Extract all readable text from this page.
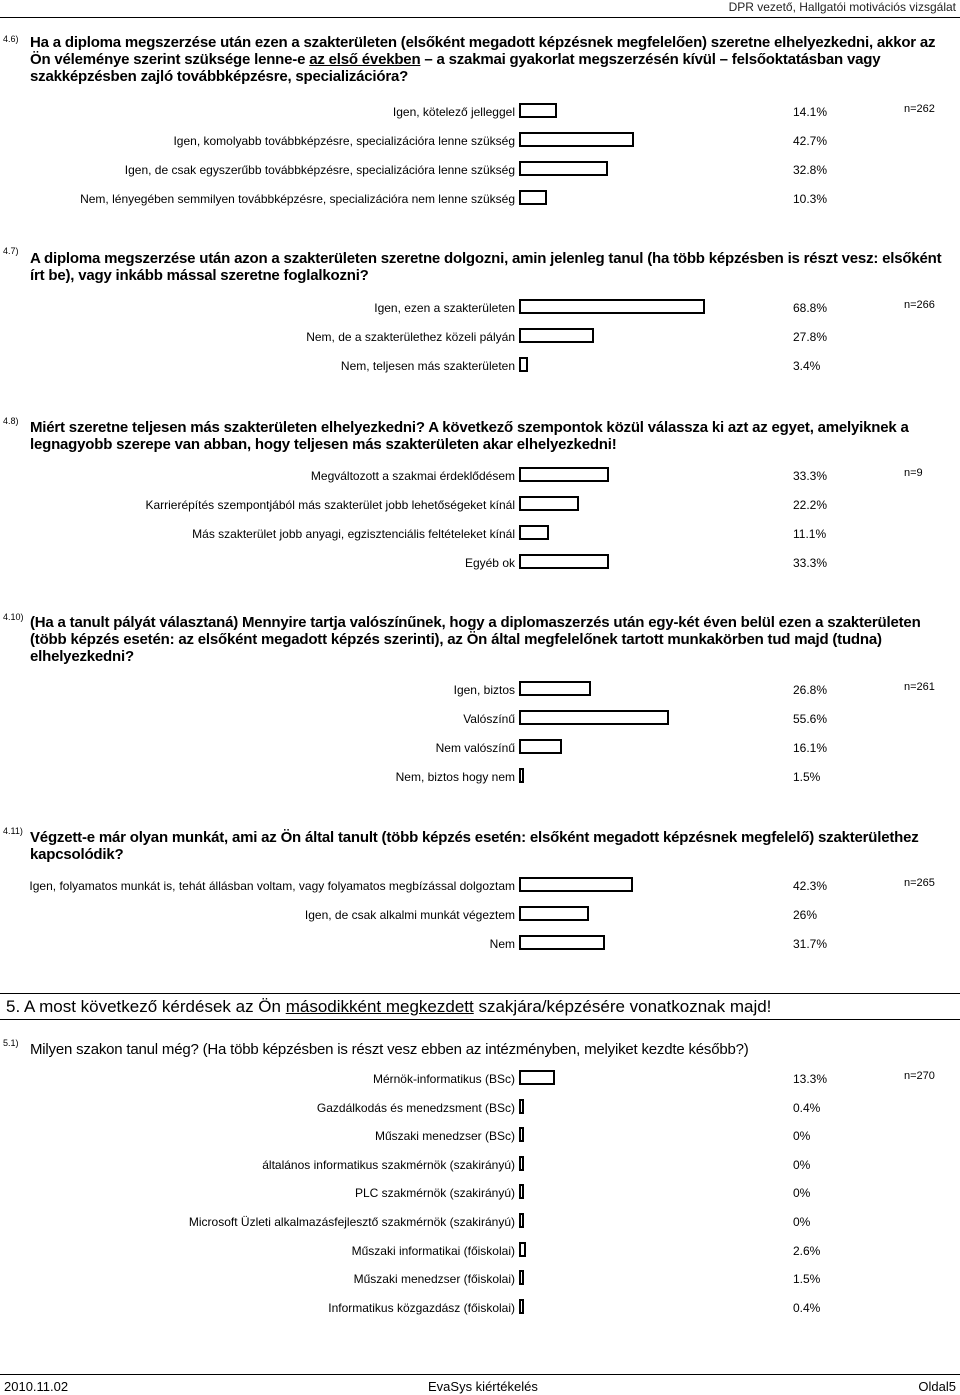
DPR vezető, Hallgatói motivációs vizsgálat
4.6) Ha a diploma megszerzése után ezen a szakterületen (elsőként megadott képzésnek megfelelően) szeretne elhelyezkedni, akkor az Ön véleménye szerint szüksége lenne-e az első években – a szakmai gyakorlat megszerzésén kívül – felsőoktatásban vagy szakképzésben zajló továbbképzésre, specializációra?
Igen, kötelező jelleggel	14.1%	n=262
Igen, komolyabb továbbképzésre, specializációra lenne szükség	42.7%
Igen, de csak egyszerűbb továbbképzésre, specializációra lenne szükség	32.8%
Nem, lényegében semmilyen továbbképzésre, specializációra nem lenne szükség	10.3%
4.7) A diploma megszerzése után azon a szakterületen szeretne dolgozni, amin jelenleg tanul (ha több képzésben is részt vesz: elsőként írt be), vagy inkább mással szeretne foglalkozni?
Igen, ezen a szakterületen	68.8%	n=266
Nem, de a szakterülethez közeli pályán	27.8%
Nem, teljesen más szakterületen	3.4%
4.8) Miért szeretne teljesen más szakterületen elhelyezkedni? A következő szempontok közül válassza ki azt az egyet, amelyiknek a legnagyobb szerepe van abban, hogy teljesen más szakterületen akar elhelyezkedni!
Megváltozott a szakmai érdeklődésem	33.3%	n=9
Karrierépítés szempontjából más szakterület jobb lehetőségeket kínál	22.2%
Más szakterület jobb anyagi, egzisztenciális feltételeket kínál	11.1%
Egyéb ok	33.3%
4.10) (Ha a tanult pályát választaná) Mennyire tartja valószínűnek, hogy a diplomaszerzés után egy-két éven belül ezen a szakterületen (több képzés esetén: az elsőként megadott képzés szerinti), az Ön által megfelelőnek tartott munkakörben tud majd (tudna) elhelyezkedni?
Igen, biztos	26.8%	n=261
Valószínű	55.6%
Nem valószínű	16.1%
Nem, biztos hogy nem	1.5%
4.11) Végzett-e már olyan munkát, ami az Ön által tanult (több képzés esetén: elsőként megadott képzésnek megfelelő) szakterülethez kapcsolódik?
Igen, folyamatos munkát is, tehát állásban voltam, vagy folyamatos megbízással dolgoztam	42.3%	n=265
Igen, de csak alkalmi munkát végeztem	26%
Nem	31.7%
5. A most következő kérdések az Ön másodikként megkezdett szakjára/képzésére vonatkoznak majd!
5.1) Milyen szakon tanul még? (Ha több képzésben is részt vesz ebben az intézményben, melyiket kezdte később?)
Mérnök-informatikus (BSc)	13.3%	n=270
Gazdálkodás és menedzsment (BSc)	0.4%
Műszaki menedzser (BSc)	0%
általános informatikus szakmérnök (szakirányú)	0%
PLC szakmérnök (szakirányú)	0%
Microsoft Üzleti alkalmazásfejlesztő szakmérnök (szakirányú)	0%
Műszaki informatikai (főiskolai)	2.6%
Műszaki menedzser (főiskolai)	1.5%
Informatikus közgazdász (főiskolai)	0.4%
2010.11.02	EvaSys kiértékelés	Oldal5
